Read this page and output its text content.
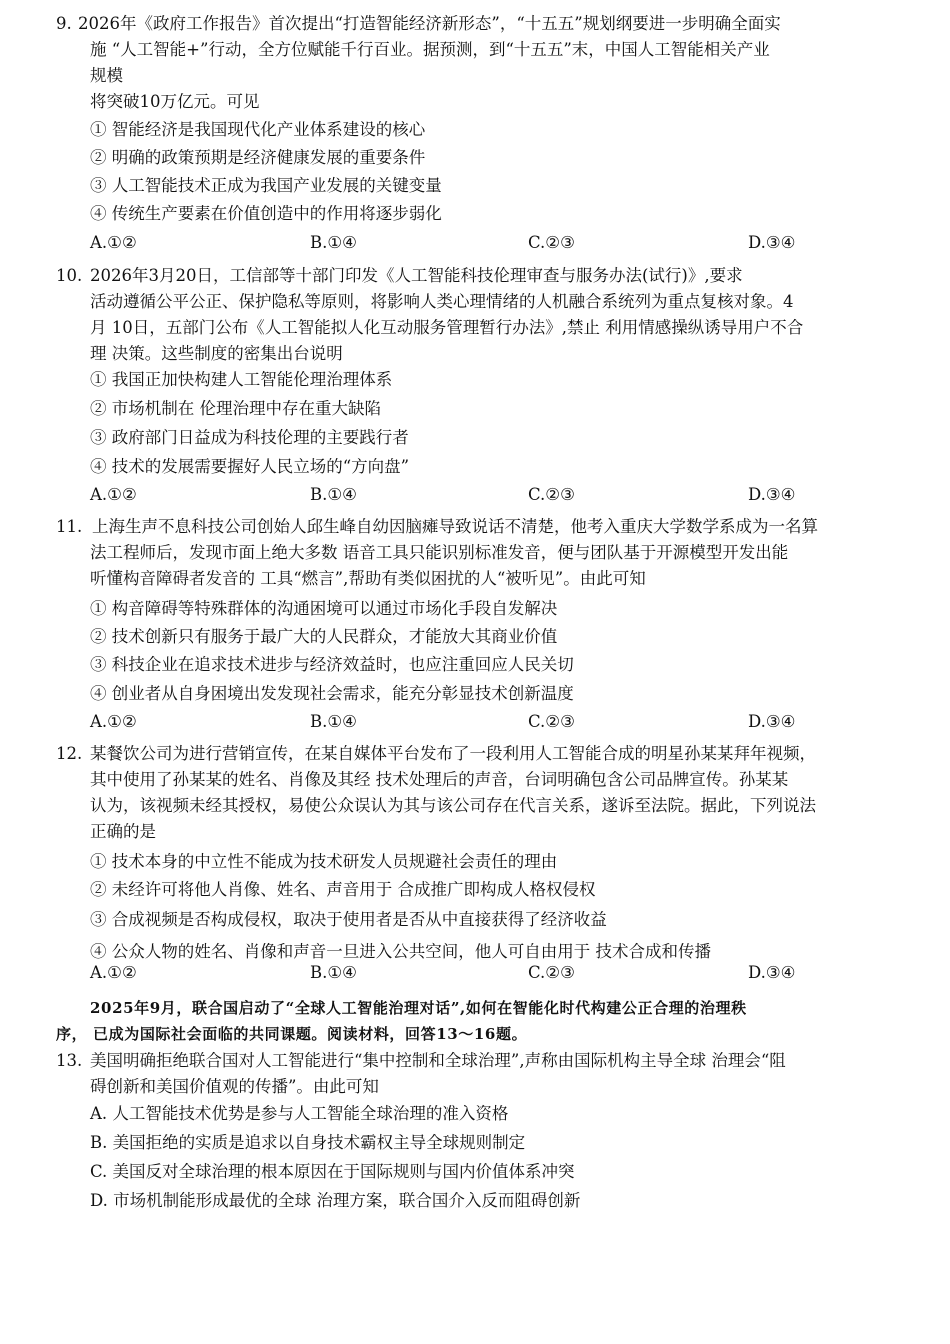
9. 2026年《政府工作报告》首次提出“打造智能经济新形态”，“十五五”规划纲要进一步明确全面实
施 “人工智能+”行动，全方位赋能千行百业。据预测，到“十五五”末，中国人工智能相关产业
规模
将突破10万亿元。可见
① 智能经济是我国现代化产业体系建设的核心
② 明确的政策预期是经济健康发展的重要条件
③ 人工智能技术正成为我国产业发展的关键变量
④ 传统生产要素在价值创造中的作用将逐步弱化
A.①②	B.①④	C.②③	D.③④
10. 2026年3月20日，工信部等十部门印发《人工智能科技伦理审查与服务办法(试行)》,要求
活动遵循公平公正、保护隐私等原则，将影响人类心理情绪的人机融合系统列为重点复核对象。4
月 10日，五部门公布《人工智能拟人化互动服务管理暂行办法》,禁止 利用情感操纵诱导用户不合
理 决策。这些制度的密集出台说明
① 我国正加快构建人工智能伦理治理体系
② 市场机制在 伦理治理中存在重大缺陷
③ 政府部门日益成为科技伦理的主要践行者
④ 技术的发展需要握好人民立场的“方向盘”
A.①②	B.①④	C.②③	D.③④
11. 上海生声不息科技公司创始人邱生峰自幼因脑瘫导致说话不清楚，他考入重庆大学数学系成为一名算
法工程师后，发现市面上绝大多数 语音工具只能识别标准发音，便与团队基于开源模型开发出能
听懂构音障碍者发音的 工具“燃言”,帮助有类似困扰的人“被听见”。由此可知
① 构音障碍等特殊群体的沟通困境可以通过市场化手段自发解决
② 技术创新只有服务于最广大的人民群众，才能放大其商业价值
③ 科技企业在追求技术进步与经济效益时，也应注重回应人民关切
④ 创业者从自身困境出发发现社会需求，能充分彰显技术创新温度
A.①②	B.①④	C.②③	D.③④
12. 某餐饮公司为进行营销宣传，在某自媒体平台发布了一段利用人工智能合成的明星孙某某拜年视频，
其中使用了孙某某的姓名、肖像及其经 技术处理后的声音，台词明确包含公司品牌宣传。孙某某
认为，该视频未经其授权，易使公众误认为其与该公司存在代言关系，遂诉至法院。据此，下列说法
正确的是
① 技术本身的中立性不能成为技术研发人员规避社会责任的理由
② 未经许可将他人肖像、姓名、声音用于 合成推广即构成人格权侵权
③ 合成视频是否构成侵权，取决于使用者是否从中直接获得了经济收益
④ 公众人物的姓名、肖像和声音一旦进入公共空间，他人可自由用于 技术合成和传播
A.①②	B.①④	C.②③	D.③④
2025年9月，联合国启动了“全球人工智能治理对话”,如何在智能化时代构建公正合理的治理秩
序， 已成为国际社会面临的共同课题。阅读材料，回答13～16题。
13. 美国明确拒绝联合国对人工智能进行“集中控制和全球治理”,声称由国际机构主导全球 治理会“阻
碍创新和美国价值观的传播”。由此可知
A. 人工智能技术优势是参与人工智能全球治理的准入资格
B. 美国拒绝的实质是追求以自身技术霸权主导全球规则制定
C. 美国反对全球治理的根本原因在于国际规则与国内价值体系冲突
D. 市场机制能形成最优的全球 治理方案，联合国介入反而阻碍创新
